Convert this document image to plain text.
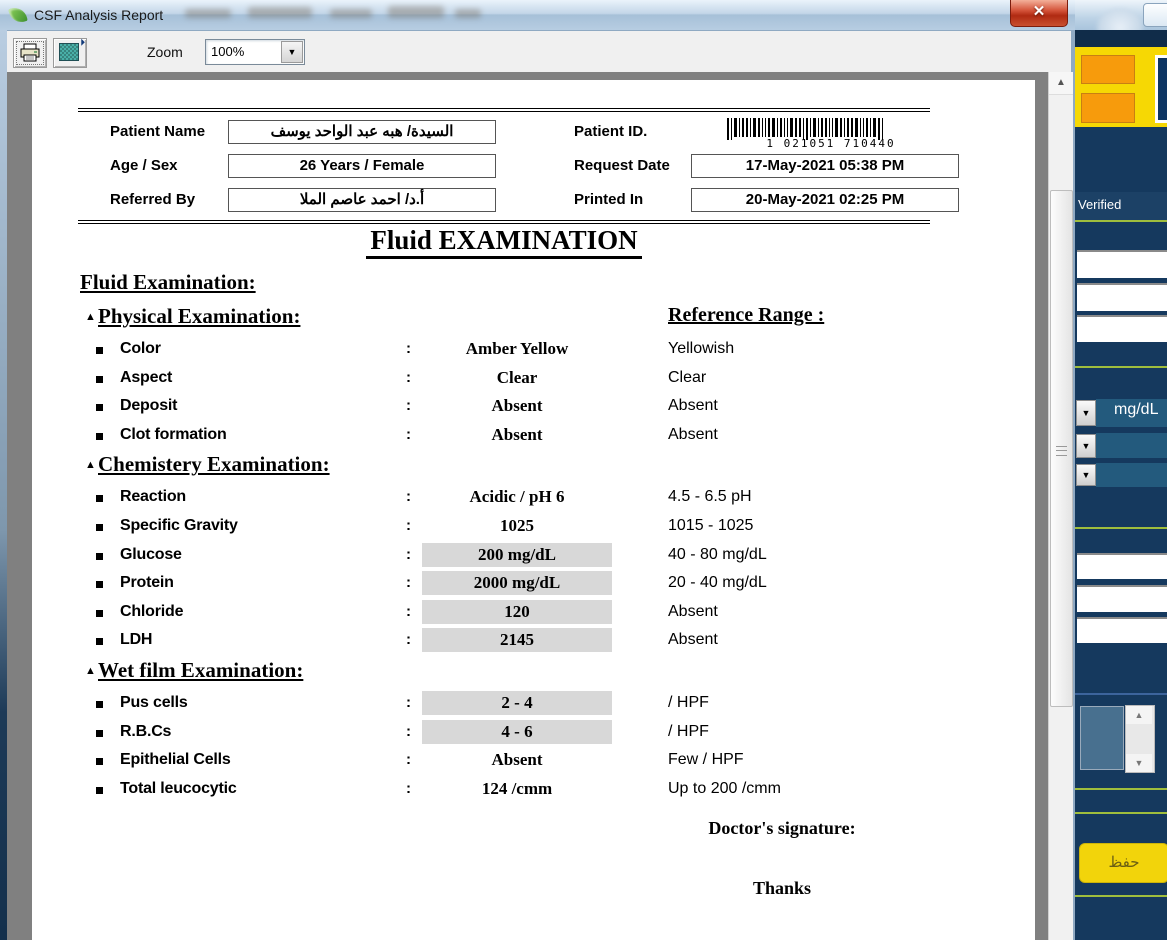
Verified
▼	mg/dL
▼
▼
▲
▼
حفظ
CSF Analysis Report	✕
Zoom 100%	▼
Patient Name	السيدة/ هبه عبد الواحد يوسف	Patient ID.
1 021051 710440
Age / Sex	26 Years / Female	Request Date	17-May-2021 05:38 PM
Referred By	أ.د/ احمد عاصم الملا	Printed In	20-May-2021 02:25 PM
Fluid EXAMINATION
Fluid Examination:
▲ Physical Examination:	Reference Range :
Color	:	Amber Yellow	Yellowish
Aspect	:	Clear	Clear
Deposit	:	Absent	Absent
Clot formation	:	Absent	Absent
▲ Chemistery Examination:
Reaction	:	Acidic / pH 6	4.5 - 6.5 pH
Specific Gravity	:	1025	1015 - 1025
Glucose	:	200 mg/dL	40 - 80 mg/dL
Protein	:	2000 mg/dL	20 - 40 mg/dL
Chloride	:	120	Absent
LDH	:	2145	Absent
▲ Wet film Examination:
Pus cells	:	2 - 4	/ HPF
R.B.Cs	:	4 - 6	/ HPF
Epithelial Cells	:	Absent	Few / HPF
Total leucocytic	:	124 /cmm	Up to 200 /cmm
Doctor's signature:
Thanks
▲
